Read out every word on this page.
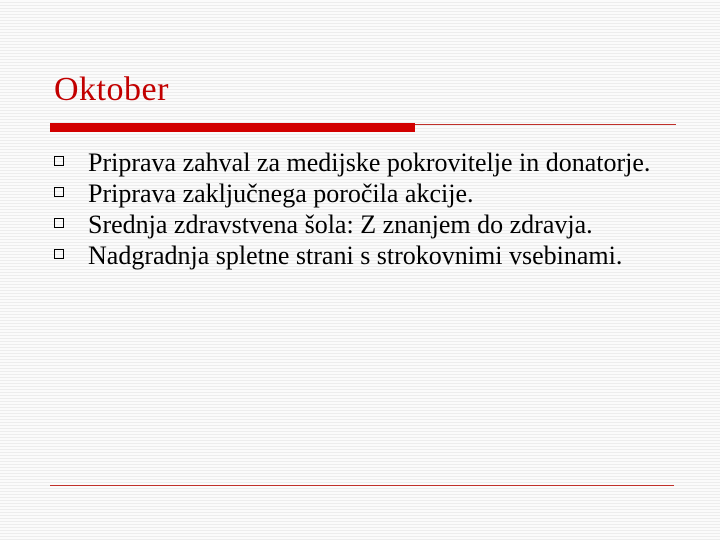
Oktober
Priprava zahval za medijske pokrovitelje in donatorje.
Priprava zaključnega poročila akcije.
Srednja zdravstvena šola: Z znanjem do zdravja.
Nadgradnja spletne strani s strokovnimi vsebinami.
